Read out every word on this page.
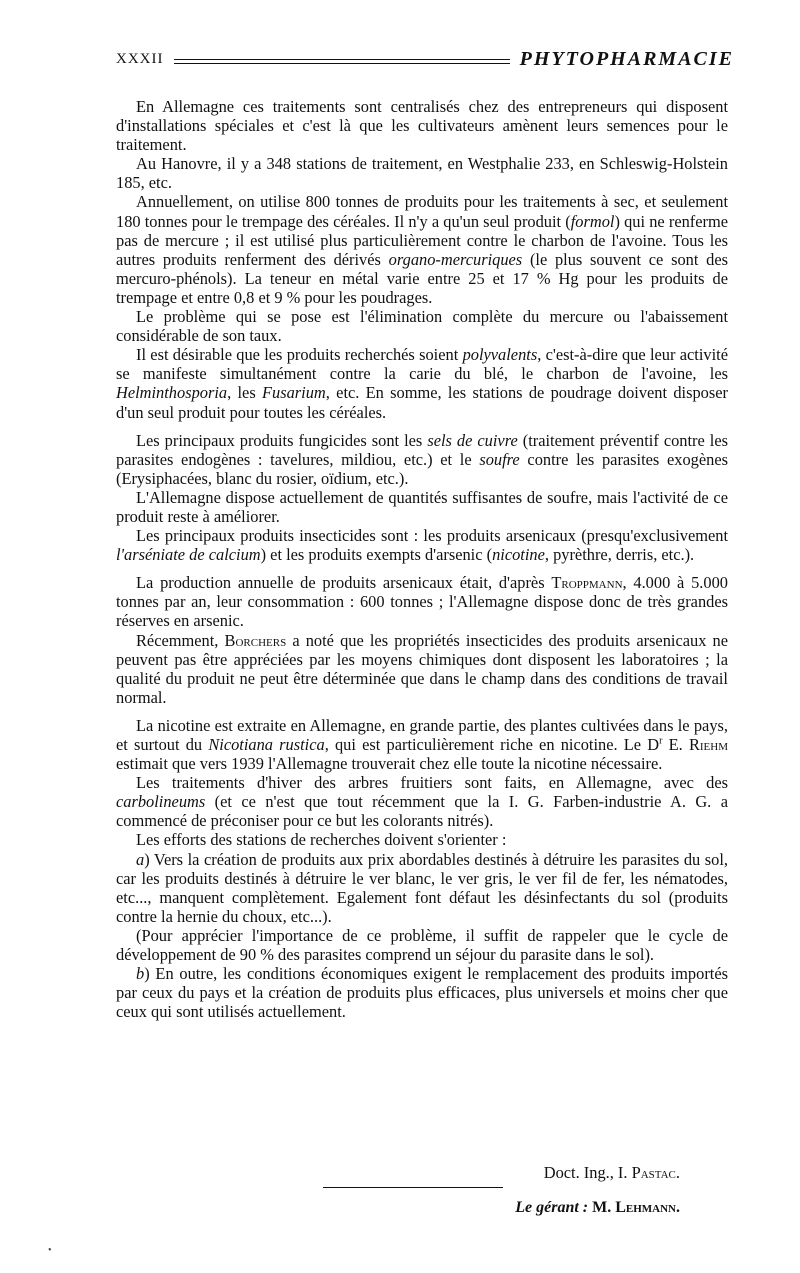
XXXII	PHYTOPHARMACIE

En Allemagne ces traitements sont centralisés chez des entrepreneurs qui disposent d'installations spéciales et c'est là que les cultivateurs amènent leurs semences pour le traitement.

Au Hanovre, il y a 348 stations de traitement, en Westphalie 233, en Schleswig-Holstein 185, etc.

Annuellement, on utilise 800 tonnes de produits pour les traitements à sec, et seulement 180 tonnes pour le trempage des céréales. Il n'y a qu'un seul produit (formol) qui ne renferme pas de mercure ; il est utilisé plus particulièrement contre le charbon de l'avoine. Tous les autres produits renferment des dérivés organo-mercuriques (le plus souvent ce sont des mercuro-phénols). La teneur en métal varie entre 25 et 17 % Hg pour les produits de trempage et entre 0,8 et 9 % pour les poudrages.

Le problème qui se pose est l'élimination complète du mercure ou l'abaissement considérable de son taux.

Il est désirable que les produits recherchés soient polyvalents, c'est-à-dire que leur activité se manifeste simultanément contre la carie du blé, le charbon de l'avoine, les Helminthosporia, les Fusarium, etc. En somme, les stations de poudrage doivent disposer d'un seul produit pour toutes les céréales.

Les principaux produits fungicides sont les sels de cuivre (traitement préventif contre les parasites endogènes : tavelures, mildiou, etc.) et le soufre contre les parasites exogènes (Erysiphacées, blanc du rosier, oïdium, etc.).

L'Allemagne dispose actuellement de quantités suffisantes de soufre, mais l'activité de ce produit reste à améliorer.

Les principaux produits insecticides sont : les produits arsenicaux (presqu'exclusivement l'arséniate de calcium) et les produits exempts d'arsenic (nicotine, pyrèthre, derris, etc.).

La production annuelle de produits arsenicaux était, d'après Troppmann, 4.000 à 5.000 tonnes par an, leur consommation : 600 tonnes ; l'Allemagne dispose donc de très grandes réserves en arsenic.

Récemment, Borchers a noté que les propriétés insecticides des produits arsenicaux ne peuvent pas être appréciées par les moyens chimiques dont disposent les laboratoires ; la qualité du produit ne peut être déterminée que dans le champ dans des conditions de travail normal.

La nicotine est extraite en Allemagne, en grande partie, des plantes cultivées dans le pays, et surtout du Nicotiana rustica, qui est particulièrement riche en nicotine. Le $D^r$ E. Riehm estimait que vers 1939 l'Allemagne trouverait chez elle toute la nicotine nécessaire.

Les traitements d'hiver des arbres fruitiers sont faits, en Allemagne, avec des carbolineums (et ce n'est que tout récemment que la I. G. Farben-industrie A. G. a commencé de préconiser pour ce but les colorants nitrés).

Les efforts des stations de recherches doivent s'orienter :

a) Vers la création de produits aux prix abordables destinés à détruire les parasites du sol, car les produits destinés à détruire le ver blanc, le ver gris, le ver fil de fer, les nématodes, etc..., manquent complètement. Egalement font défaut les désinfectants du sol (produits contre la hernie du choux, etc...).

(Pour apprécier l'importance de ce problème, il suffit de rappeler que le cycle de développement de 90 % des parasites comprend un séjour du parasite dans le sol).

b) En outre, les conditions économiques exigent le remplacement des produits importés par ceux du pays et la création de produits plus efficaces, plus universels et moins cher que ceux qui sont utilisés actuellement.

Doct. Ing., I. Pastac.
Le gérant : M. Lehmann.
•
